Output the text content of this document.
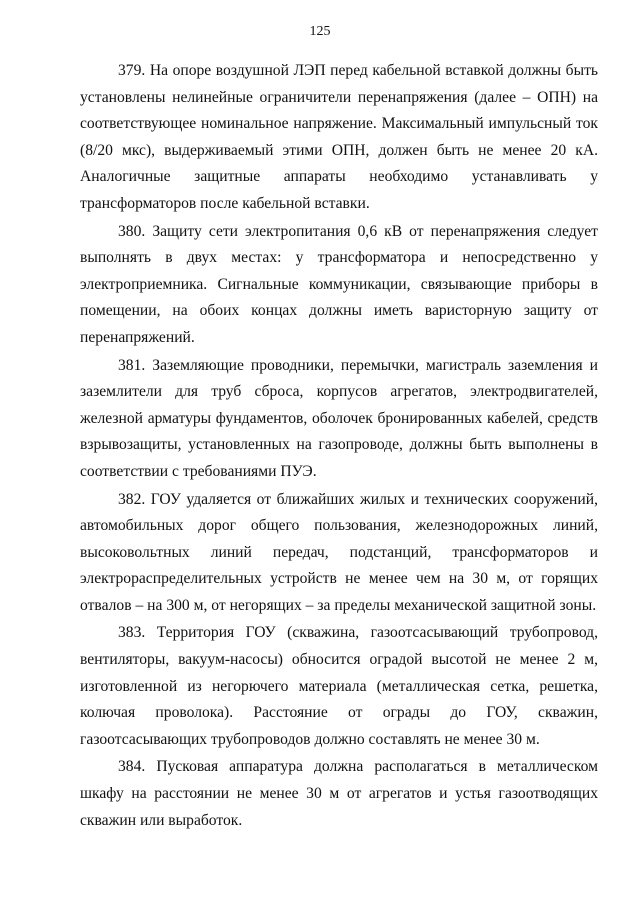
125

379. На опоре воздушной ЛЭП перед кабельной вставкой должны быть установлены нелинейные ограничители перенапряжения (далее – ОПН) на соответствующее номинальное напряжение. Максимальный импульсный ток (8/20 мкс), выдерживаемый этими ОПН, должен быть не менее 20 кА. Аналогичные защитные аппараты необходимо устанавливать у трансформаторов после кабельной вставки.

380. Защиту сети электропитания 0,6 кВ от перенапряжения следует выполнять в двух местах: у трансформатора и непосредственно у электроприемника. Сигнальные коммуникации, связывающие приборы в помещении, на обоих концах должны иметь варисторную защиту от перенапряжений.

381. Заземляющие проводники, перемычки, магистраль заземления и заземлители для труб сброса, корпусов агрегатов, электродвигателей, железной арматуры фундаментов, оболочек бронированных кабелей, средств взрывозащиты, установленных на газопроводе, должны быть выполнены в соответствии с требованиями ПУЭ.

382. ГОУ удаляется от ближайших жилых и технических сооружений, автомобильных дорог общего пользования, железнодорожных линий, высоковольтных линий передач, подстанций, трансформаторов и электрораспределительных устройств не менее чем на 30 м, от горящих отвалов – на 300 м, от негорящих – за пределы механической защитной зоны.

383. Территория ГОУ (скважина, газоотсасывающий трубопровод, вентиляторы, вакуум-насосы) обносится оградой высотой не менее 2 м, изготовленной из негорючего материала (металлическая сетка, решетка, колючая проволока). Расстояние от ограды до ГОУ, скважин, газоотсасывающих трубопроводов должно составлять не менее 30 м.

384. Пусковая аппаратура должна располагаться в металлическом шкафу на расстоянии не менее 30 м от агрегатов и устья газоотводящих скважин или выработок.
